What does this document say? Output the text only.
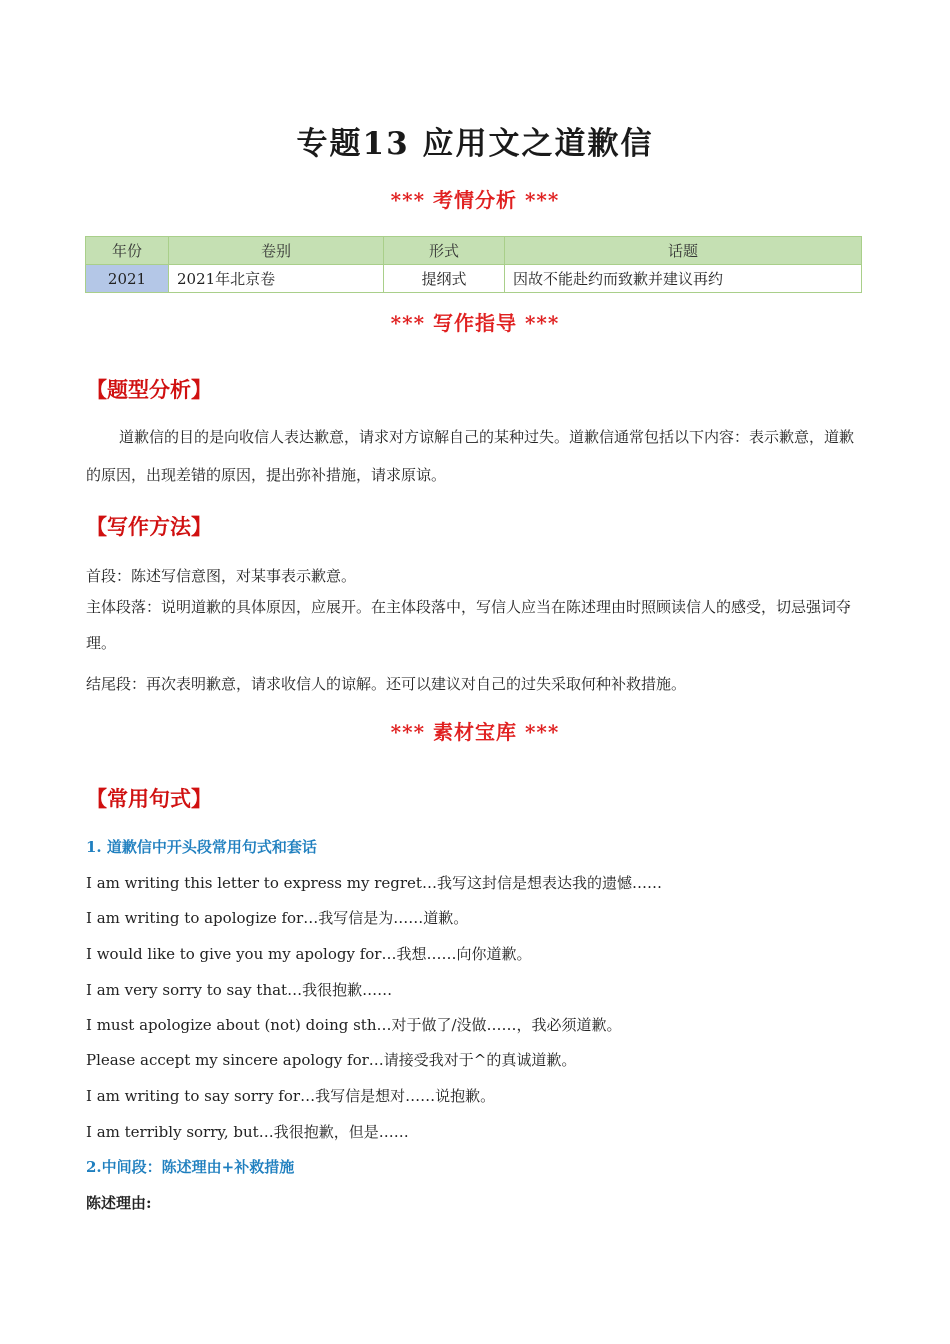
专题13 应用文之道歉信
*** 考情分析 ***
年份	卷别	形式	话题
2021	2021年北京卷	提纲式	因故不能赴约而致歉并建议再约
*** 写作指导 ***
【题型分析】
道歉信的目的是向收信人表达歉意，请求对方谅解自己的某种过失。道歉信通常包括以下内容：表示歉意，道歉的原因，出现差错的原因，提出弥补措施，请求原谅。
【写作方法】
首段：陈述写信意图，对某事表示歉意。
主体段落：说明道歉的具体原因，应展开。在主体段落中，写信人应当在陈述理由时照顾读信人的感受，切忌强词夺理。
结尾段：再次表明歉意，请求收信人的谅解。还可以建议对自己的过失采取何种补救措施。
*** 素材宝库 ***
【常用句式】
1. 道歉信中开头段常用句式和套话
I am writing this letter to express my regret…我写这封信是想表达我的遗憾……
I am writing to apologize for…我写信是为……道歉。
I would like to give you my apology for…我想……向你道歉。
I am very sorry to say that…我很抱歉……
I must apologize about (not) doing sth…对于做了/没做……，我必须道歉。
Please accept my sincere apology for…请接受我对于^的真诚道歉。
I am writing to say sorry for…我写信是想对……说抱歉。
I am terribly sorry, but…我很抱歉，但是……
2.中间段：陈述理由+补救措施
陈述理由:
